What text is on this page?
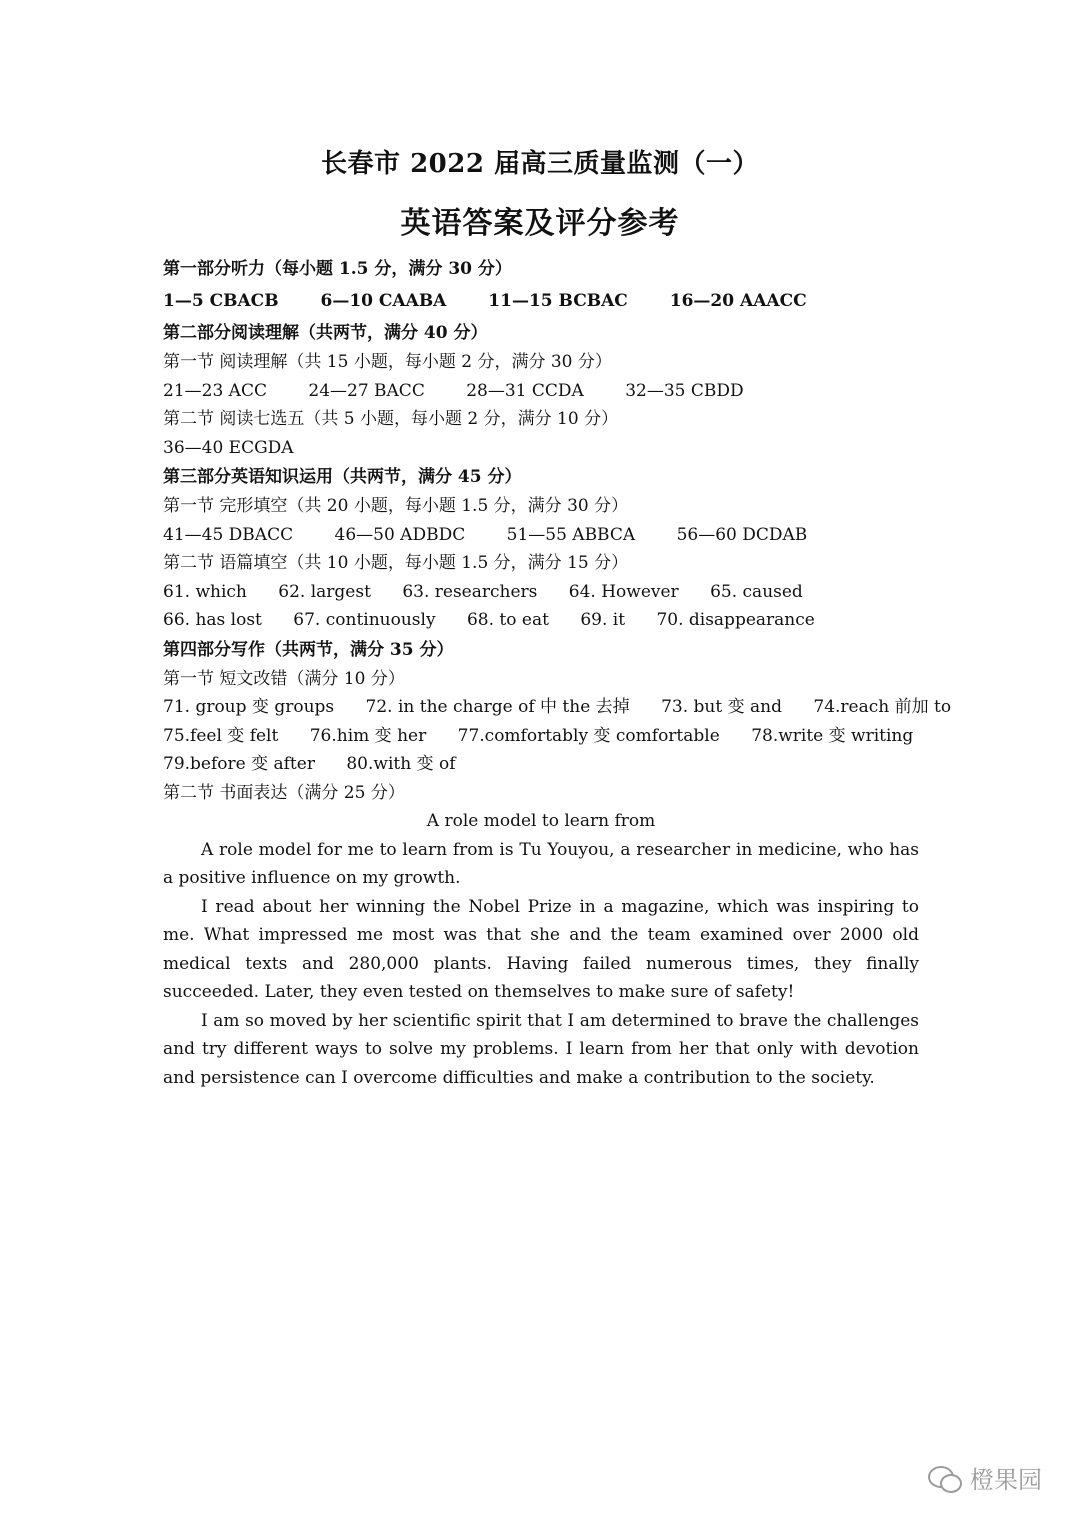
长春市 2022 届高三质量监测（一）
英语答案及评分参考
第一部分听力（每小题 1.5 分，满分 30 分）
1—5 CBACB 6—10 CAABA 11—15 BCBAC 16—20 AAACC
第二部分阅读理解（共两节，满分 40 分）
第一节 阅读理解（共 15 小题，每小题 2 分，满分 30 分）
21—23 ACC 24—27 BACC 28—31 CCDA 32—35 CBDD
第二节 阅读七选五（共 5 小题，每小题 2 分，满分 10 分）
36—40 ECGDA
第三部分英语知识运用（共两节，满分 45 分）
第一节 完形填空（共 20 小题，每小题 1.5 分，满分 30 分）
41—45 DBACC 46—50 ADBDC 51—55 ABBCA 56—60 DCDAB
第二节 语篇填空（共 10 小题，每小题 1.5 分，满分 15 分）
61. which 62. largest 63. researchers 64. However 65. caused
66. has lost 67. continuously 68. to eat 69. it 70. disappearance
第四部分写作（共两节，满分 35 分）
第一节 短文改错（满分 10 分）
71. group 变 groups 72. in the charge of 中 the 去掉 73. but 变 and 74.reach 前加 to
75.feel 变 felt 76.him 变 her 77.comfortably 变 comfortable 78.write 变 writing
79.before 变 after 80.with 变 of
第二节 书面表达（满分 25 分）
A role model to learn from

A role model for me to learn from is Tu Youyou, a researcher in medicine, who has a positive influence on my growth.

I read about her winning the Nobel Prize in a magazine, which was inspiring to me. What impressed me most was that she and the team examined over 2000 old medical texts and 280,000 plants. Having failed numerous times, they finally succeeded. Later, they even tested on themselves to make sure of safety!

I am so moved by her scientific spirit that I am determined to brave the challenges and try different ways to solve my problems. I learn from her that only with devotion and persistence can I overcome difficulties and make a contribution to the society.

橙果园
